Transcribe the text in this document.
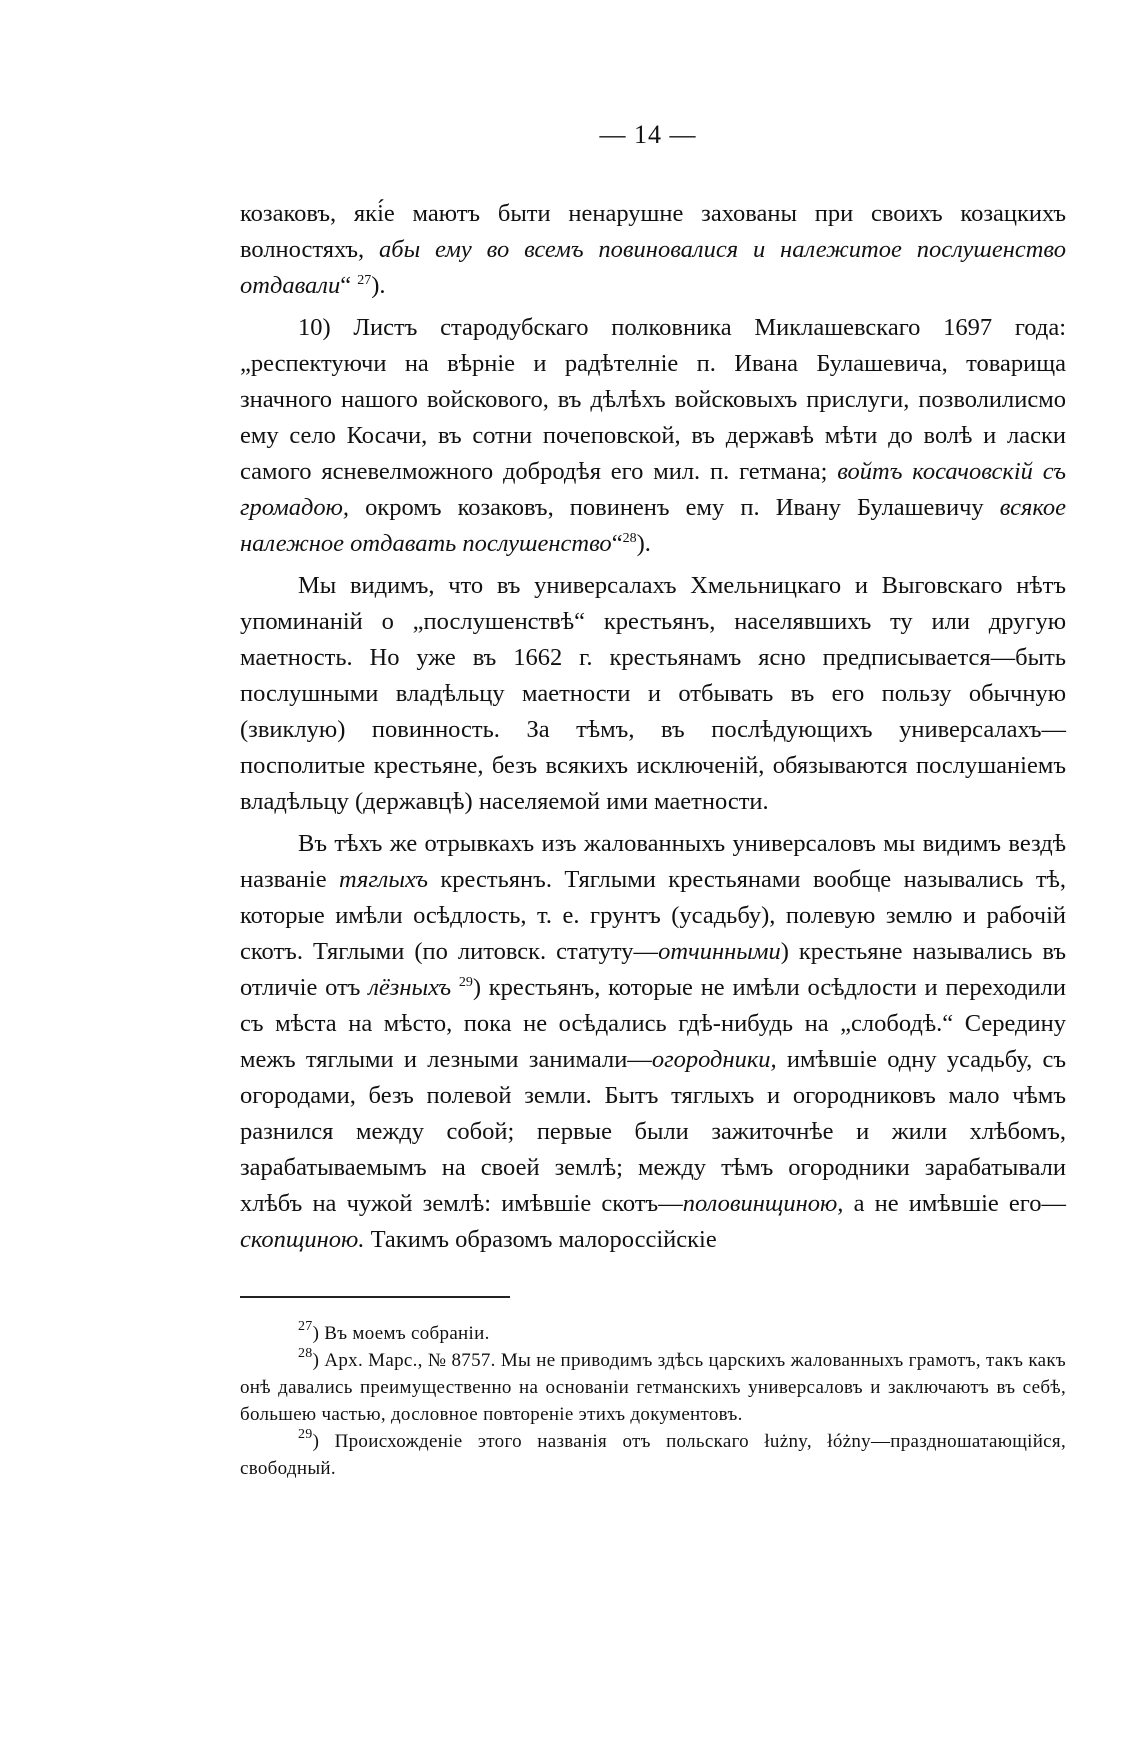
— 14 —

козаковъ, які́е маютъ быти ненарушне захованы при своихъ козацкихъ волностяхъ, абы ему во всемъ повиновалися и належитое послушенство отдавали“ $^{27}$).

10) Листъ стародубскаго полковника Миклашевскаго 1697 года: „респектуючи на вѣрніе и радѣтелніе п. Ивана Булашевича, товарища значного нашого войскового, въ дѣлѣхъ войсковыхъ прислуги, позволилисмо ему село Косачи, въ сотни почеповской, въ державѣ мѣти до волѣ и ласки самого ясневелможного добродѣя его мил. п. гетмана; войтъ косачовскій съ громадою, окромъ козаковъ, повиненъ ему п. Ивану Булашевичу всякое належное отдавать послушенство“$^{28}$).

Мы видимъ, что въ универсалахъ Хмельницкаго и Выговскаго нѣтъ упоминаній о „послушенствѣ“ крестьянъ, населявшихъ ту или другую маетность. Но уже въ 1662 г. крестьянамъ ясно предписывается—быть послушными владѣльцу маетности и отбывать въ его пользу обычную (звиклую) повинность. За тѣмъ, въ послѣдующихъ универсалахъ—посполитые крестьяне, безъ всякихъ исключеній, обязываются послушаніемъ владѣльцу (державцѣ) населяемой ими маетности.

Въ тѣхъ же отрывкахъ изъ жалованныхъ универсаловъ мы видимъ вездѣ названіе тяглыхъ крестьянъ. Тяглыми крестьянами вообще назывались тѣ, которые имѣли осѣдлость, т. е. грунтъ (усадьбу), полевую землю и рабочій скотъ. Тяглыми (по литовск. статуту—отчинными) крестьяне назывались въ отличіе отъ лёзныхъ $^{29}$) крестьянъ, которые не имѣли осѣдлости и переходили съ мѣста на мѣсто, пока не осѣдались гдѣ-нибудь на „слободѣ.“ Середину межъ тяглыми и лезными занимали—огородники, имѣвшіе одну усадьбу, съ огородами, безъ полевой земли. Бытъ тяглыхъ и огородниковъ мало чѣмъ разнился между собой; первые были зажиточнѣе и жили хлѣбомъ, зарабатываемымъ на своей землѣ; между тѣмъ огородники зарабатывали хлѣбъ на чужой землѣ: имѣвшіе скотъ—половинщиною, а не имѣвшіе его—скопщиною. Такимъ образомъ малороссійскіе

$^{27}$) Въ моемъ собраніи.

$^{28}$) Арх. Марс., № 8757. Мы не приводимъ здѣсь царскихъ жалованныхъ грамотъ, такъ какъ онѣ давались преимущественно на основаніи гетманскихъ универсаловъ и заключаютъ въ себѣ, большею частью, дословное повтореніе этихъ документовъ.

$^{29}$) Происхожденіе этого названія отъ польскаго łużny, łóżny—праздношатающійся, свободный.
